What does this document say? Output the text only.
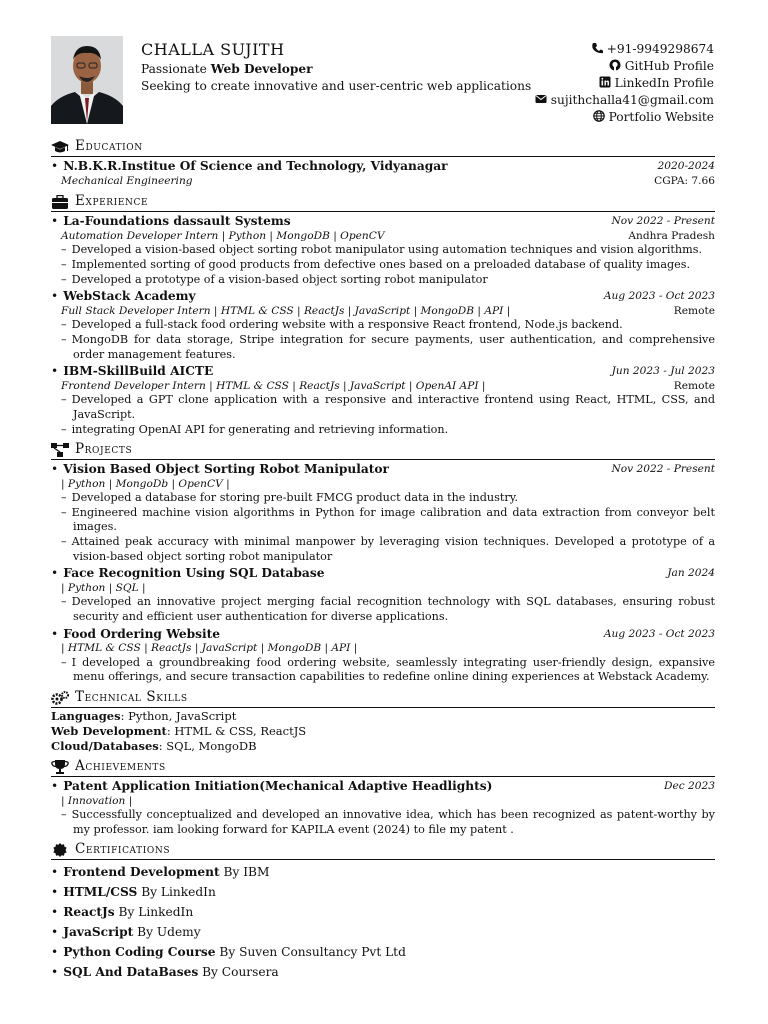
CHALLA SUJITH
Passionate Web Developer
Seeking to create innovative and user-centric web applications
+91-9949298674
GitHub Profile
LinkedIn Profile
sujithchalla41@gmail.com
Portfolio Website
Education
• N.B.K.R.Institue Of Science and Technology, Vidyanagar	2020-2024
Mechanical Engineering	CGPA: 7.66
Experience
• La-Foundations dassault Systems	Nov 2022 - Present
Automation Developer Intern | Python | MongoDB | OpenCV	Andhra Pradesh
– Developed a vision-based object sorting robot manipulator using automation techniques and vision algorithms.
– Implemented sorting of good products from defective ones based on a preloaded database of quality images.
– Developed a prototype of a vision-based object sorting robot manipulator
• WebStack Academy	Aug 2023 - Oct 2023
Full Stack Developer Intern | HTML & CSS | ReactJs | JavaScript | MongoDB | API |	Remote
– Developed a full-stack food ordering website with a responsive React frontend, Node.js backend.
– MongoDB for data storage, Stripe integration for secure payments, user authentication, and comprehensive order management features.
• IBM-SkillBuild AICTE	Jun 2023 - Jul 2023
Frontend Developer Intern | HTML & CSS | ReactJs | JavaScript | OpenAI API |	Remote
– Developed a GPT clone application with a responsive and interactive frontend using React, HTML, CSS, and JavaScript.
– integrating OpenAI API for generating and retrieving information.
Projects
• Vision Based Object Sorting Robot Manipulator	Nov 2022 - Present
| Python | MongoDb | OpenCV |
– Developed a database for storing pre-built FMCG product data in the industry.
– Engineered machine vision algorithms in Python for image calibration and data extraction from conveyor belt images.
– Attained peak accuracy with minimal manpower by leveraging vision techniques. Developed a prototype of a vision-based object sorting robot manipulator
• Face Recognition Using SQL Database	Jan 2024
| Python | SQL |
– Developed an innovative project merging facial recognition technology with SQL databases, ensuring robust security and efficient user authentication for diverse applications.
• Food Ordering Website	Aug 2023 - Oct 2023
| HTML & CSS | ReactJs | JavaScript | MongoDB | API |
– I developed a groundbreaking food ordering website, seamlessly integrating user-friendly design, expansive menu offerings, and secure transaction capabilities to redefine online dining experiences at Webstack Academy.
Technical Skills
Languages: Python, JavaScript
Web Development: HTML & CSS, ReactJS
Cloud/Databases: SQL, MongoDB
Achievements
• Patent Application Initiation(Mechanical Adaptive Headlights)	Dec 2023
| Innovation |
– Successfully conceptualized and developed an innovative idea, which has been recognized as patent-worthy by my professor. iam looking forward for KAPILA event (2024) to file my patent .
Certifications
• Frontend Development By IBM
• HTML/CSS By LinkedIn
• ReactJs By LinkedIn
• JavaScript By Udemy
• Python Coding Course By Suven Consultancy Pvt Ltd
• SQL And DataBases By Coursera
